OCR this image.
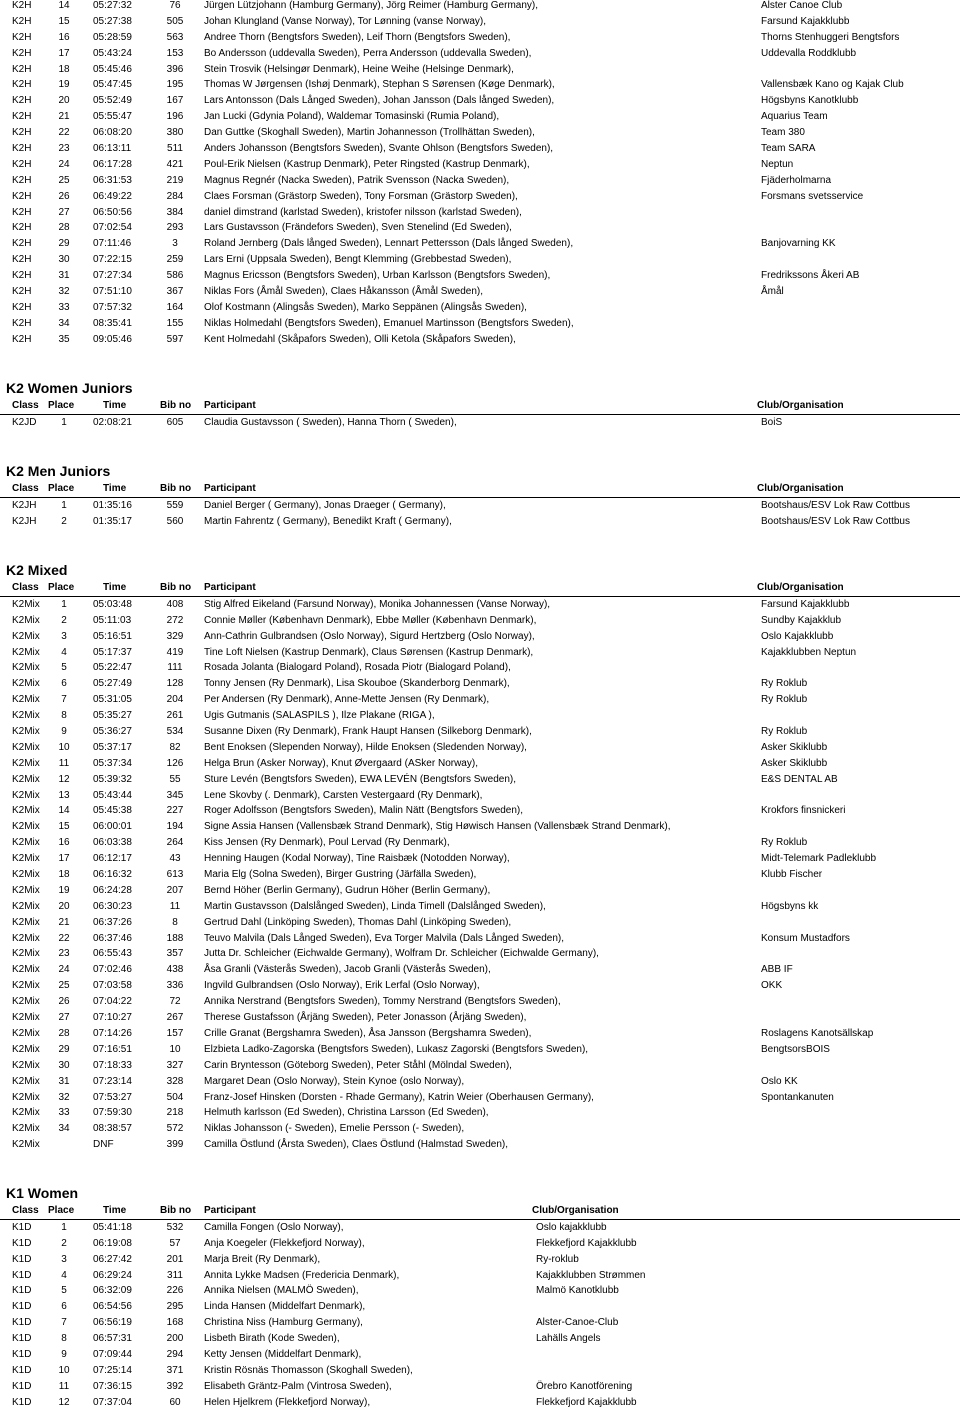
K2H	14 05:27:32	76	Jürgen Lützjohann (Hamburg Germany), Jörg Reimer (Hamburg Germany),	Alster Canoe Club
K2H	15 05:27:38	505 Johan Klungland (Vanse Norway), Tor Lønning (vanse Norway),	Farsund Kajakklubb
K2H	16 05:28:59	563 Andree Thorn (Bengtsfors Sweden), Leif Thorn (Bengtsfors Sweden),	Thorns Stenhuggeri Bengtsfors
K2H	17 05:43:24	153 Bo Andersson (uddevalla Sweden), Perra Andersson (uddevalla Sweden),	Uddevalla Roddklubb
K2H	18 05:45:46	396 Stein Trosvik (Helsingør Denmark), Heine Weihe (Helsinge Denmark),
K2H	19 05:47:45	195 Thomas W Jørgensen (Ishøj Denmark), Stephan S Sørensen (Køge Denmark),	Vallensbæk Kano og Kajak Club
K2H	20 05:52:49	167 Lars Antonsson (Dals Långed Sweden), Johan Jansson (Dals långed Sweden),	Högsbyns Kanotklubb
K2H	21 05:55:47	196 Jan Lucki (Gdynia Poland), Waldemar Tomasinski (Rumia Poland),	Aquarius Team
K2H	22 06:08:20	380 Dan Guttke (Skoghall Sweden), Martin Johannesson (Trollhättan Sweden),	Team 380
K2H	23 06:13:11	511	Anders Johansson (Bengtsfors Sweden), Svante Ohlson (Bengtsfors Sweden),	Team SARA
K2H	24 06:17:28	421 Poul-Erik Nielsen (Kastrup Denmark), Peter Ringsted (Kastrup Denmark),	Neptun
K2H	25 06:31:53	219 Magnus Regnér (Nacka Sweden), Patrik Svensson (Nacka Sweden),	Fjäderholmarna
K2H	26 06:49:22	284 Claes Forsman (Grästorp Sweden), Tony Forsman (Grästorp Sweden),	Forsmans svetsservice
K2H	27 06:50:56	384 daniel dimstrand (karlstad Sweden), kristofer nilsson (karlstad Sweden),
K2H	28 07:02:54	293 Lars Gustavsson (Frändefors Sweden), Sven Stenelind (Ed Sweden),
K2H	29 07:11:46	3	Roland Jernberg (Dals långed Sweden), Lennart Pettersson (Dals långed Sweden),	Banjovarning KK
K2H	30 07:22:15	259 Lars Erni (Uppsala Sweden), Bengt Klemming (Grebbestad Sweden),
K2H	31 07:27:34	586 Magnus Ericsson (Bengtsfors Sweden), Urban Karlsson (Bengtsfors Sweden),	Fredrikssons Åkeri AB
K2H	32 07:51:10	367 Niklas Fors (Åmål Sweden), Claes Håkansson (Åmål Sweden),	Åmål
K2H	33 07:57:32	164 Olof Kostmann (Alingsås Sweden), Marko Seppänen (Alingsås Sweden),
K2H	34 08:35:41	155 Niklas Holmedahl (Bengtsfors Sweden), Emanuel Martinsson (Bengtsfors Sweden),
K2H	35 09:05:46	597 Kent Holmedahl (Skåpafors Sweden), Olli Ketola (Skåpafors Sweden),
K2 Women Juniors
Class Place	Time	Bib no Participant	Club/Organisation
K2JD	1	02:08:21	605 Claudia Gustavsson ( Sweden), Hanna Thorn ( Sweden),	BoiS
K2 Men Juniors
Class Place	Time	Bib no Participant	Club/Organisation
K2JH	1	01:35:16	559 Daniel Berger ( Germany), Jonas Draeger ( Germany),	Bootshaus/ESV Lok Raw Cottbus
K2JH	2	01:35:17	560 Martin Fahrentz ( Germany), Benedikt Kraft ( Germany),	Bootshaus/ESV Lok Raw Cottbus
K2 Mixed
Class Place	Time	Bib no Participant	Club/Organisation
K2Mix	1	05:03:48	408 Stig Alfred Eikeland (Farsund Norway), Monika Johannessen (Vanse Norway),	Farsund Kajakklubb
K2Mix	2	05:11:03	272 Connie Møller (København Denmark), Ebbe Møller (København Denmark),	Sundby Kajakklub
K2Mix	3	05:16:51	329 Ann-Cathrin Gulbrandsen (Oslo Norway), Sigurd Hertzberg (Oslo Norway),	Oslo Kajakklubb
K2Mix	4	05:17:37	419 Tine Loft Nielsen (Kastrup Denmark), Claus Sørensen (Kastrup Denmark),	Kajakklubben Neptun
K2Mix	5	05:22:47	111	Rosada Jolanta (Bialogard Poland), Rosada Piotr (Bialogard Poland),
K2Mix	6	05:27:49	128 Tonny Jensen (Ry Denmark), Lisa Skouboe (Skanderborg Denmark),	Ry Roklub
K2Mix	7	05:31:05	204 Per Andersen (Ry Denmark), Anne-Mette Jensen (Ry Denmark),	Ry Roklub
K2Mix	8	05:35:27	261 Ugis Gutmanis (SALASPILS ), Ilze Plakane (RIGA ),
K2Mix	9	05:36:27	534 Susanne Dixen (Ry Denmark), Frank Haupt Hansen (Silkeborg Denmark),	Ry Roklub
K2Mix 10 05:37:17	82	Bent Enoksen (Slependen Norway), Hilde Enoksen (Sledenden Norway),	Asker Skiklubb
K2Mix 11 05:37:34	126 Helga Brun (Asker Norway), Knut Øvergaard (ASker Norway),	Asker Skiklubb
K2Mix 12 05:39:32	55	Sture Levén (Bengtsfors Sweden), EWA LEVÉN (Bengtsfors Sweden),	E&S DENTAL AB
K2Mix 13 05:43:44	345 Lene Skovby (. Denmark), Carsten Vestergaard (Ry Denmark),
K2Mix 14 05:45:38	227 Roger Adolfsson (Bengtsfors Sweden), Malin Nätt (Bengtsfors Sweden),	Krokfors finsnickeri
K2Mix 15 06:00:01	194 Signe Assia Hansen (Vallensbæk Strand Denmark), Stig Høwisch Hansen (Vallensbæk Strand Denmark),
K2Mix 16 06:03:38	264 Kiss Jensen (Ry Denmark), Poul Lervad (Ry Denmark),	Ry Roklub
K2Mix 17 06:12:17	43	Henning Haugen (Kodal Norway), Tine Raisbæk (Notodden Norway),	Midt-Telemark Padleklubb
K2Mix 18 06:16:32	613 Maria Elg (Solna Sweden), Birger Gustring (Järfälla Sweden),	Klubb Fischer
K2Mix 19 06:24:28	207 Bernd Höher (Berlin Germany), Gudrun Höher (Berlin Germany),
K2Mix 20 06:30:23	11	Martin Gustavsson (Dalslånged Sweden), Linda Timell (Dalslånged Sweden),	Högsbyns kk
K2Mix 21 06:37:26	8	Gertrud Dahl (Linköping Sweden), Thomas Dahl (Linköping Sweden),
K2Mix 22 06:37:46	188 Teuvo Malvila (Dals Långed Sweden), Eva Torger Malvila (Dals Långed Sweden),	Konsum Mustadfors
K2Mix 23 06:55:43	357 Jutta Dr. Schleicher (Eichwalde Germany), Wolfram Dr. Schleicher (Eichwalde Germany),
K2Mix 24 07:02:46	438 Åsa Granli (Västerås Sweden), Jacob Granli (Västerås Sweden),	ABB IF
K2Mix 25 07:03:58	336 Ingvild Gulbrandsen (Oslo Norway), Erik Lerfal (Oslo Norway),	OKK
K2Mix 26 07:04:22	72	Annika Nerstrand (Bengtsfors Sweden), Tommy Nerstrand (Bengtsfors Sweden),
K2Mix 27 07:10:27	267 Therese Gustafsson (Årjäng Sweden), Peter Jonasson (Årjäng Sweden),
K2Mix 28 07:14:26	157 Crille Granat (Bergshamra Sweden), Åsa Jansson (Bergshamra Sweden),	Roslagens Kanotsällskap
K2Mix 29 07:16:51	10	Elzbieta Ladko-Zagorska (Bengtsfors Sweden), Lukasz Zagorski (Bengtsfors Sweden),	BengtsorsBOIS
K2Mix 30 07:18:33	327 Carin Bryntesson (Göteborg Sweden), Peter Ståhl (Mölndal Sweden),
K2Mix 31 07:23:14	328 Margaret Dean (Oslo Norway), Stein Kynoe (oslo Norway),	Oslo KK
K2Mix 32 07:53:27	504 Franz-Josef Hinsken (Dorsten - Rhade Germany), Katrin Weier (Oberhausen Germany),	Spontankanuten
K2Mix 33 07:59:30	218 Helmuth karlsson (Ed Sweden), Christina Larsson (Ed Sweden),
K2Mix 34 08:38:57	572 Niklas Johansson (- Sweden), Emelie Persson (- Sweden),
K2Mix	DNF	399 Camilla Östlund (Årsta Sweden), Claes Östlund (Halmstad Sweden),
K1 Women
Class Place	Time	Bib no Participant	Club/Organisation
K1D	1	05:41:18	532 Camilla Fongen (Oslo Norway),	Oslo kajakklubb
K1D	2	06:19:08	57	Anja Koegeler (Flekkefjord Norway),	Flekkefjord Kajakklubb
K1D	3	06:27:42	201 Marja Breit (Ry Denmark),	Ry-roklub
K1D	4	06:29:24	311	Annita Lykke Madsen (Fredericia Denmark),	Kajakklubben Strømmen
K1D	5	06:32:09	226 Annika Nielsen (MALMÖ Sweden),	Malmö Kanotklubb
K1D	6	06:54:56	295 Linda Hansen (Middelfart Denmark),
K1D	7	06:56:19	168 Christina Niss (Hamburg Germany),	Alster-Canoe-Club
K1D	8	06:57:31	200 Lisbeth Birath (Kode Sweden),	Lahälls Angels
K1D	9	07:09:44	294 Ketty Jensen (Middelfart Denmark),
K1D	10 07:25:14	371 Kristin Rösnäs Thomasson (Skoghall Sweden),
K1D	11 07:36:15	392 Elisabeth Gräntz-Palm (Vintrosa Sweden),	Örebro Kanotförening
K1D	12 07:37:04	60	Helen Hjelkrem (Flekkefjord Norway),	Flekkefjord Kajakklubb
